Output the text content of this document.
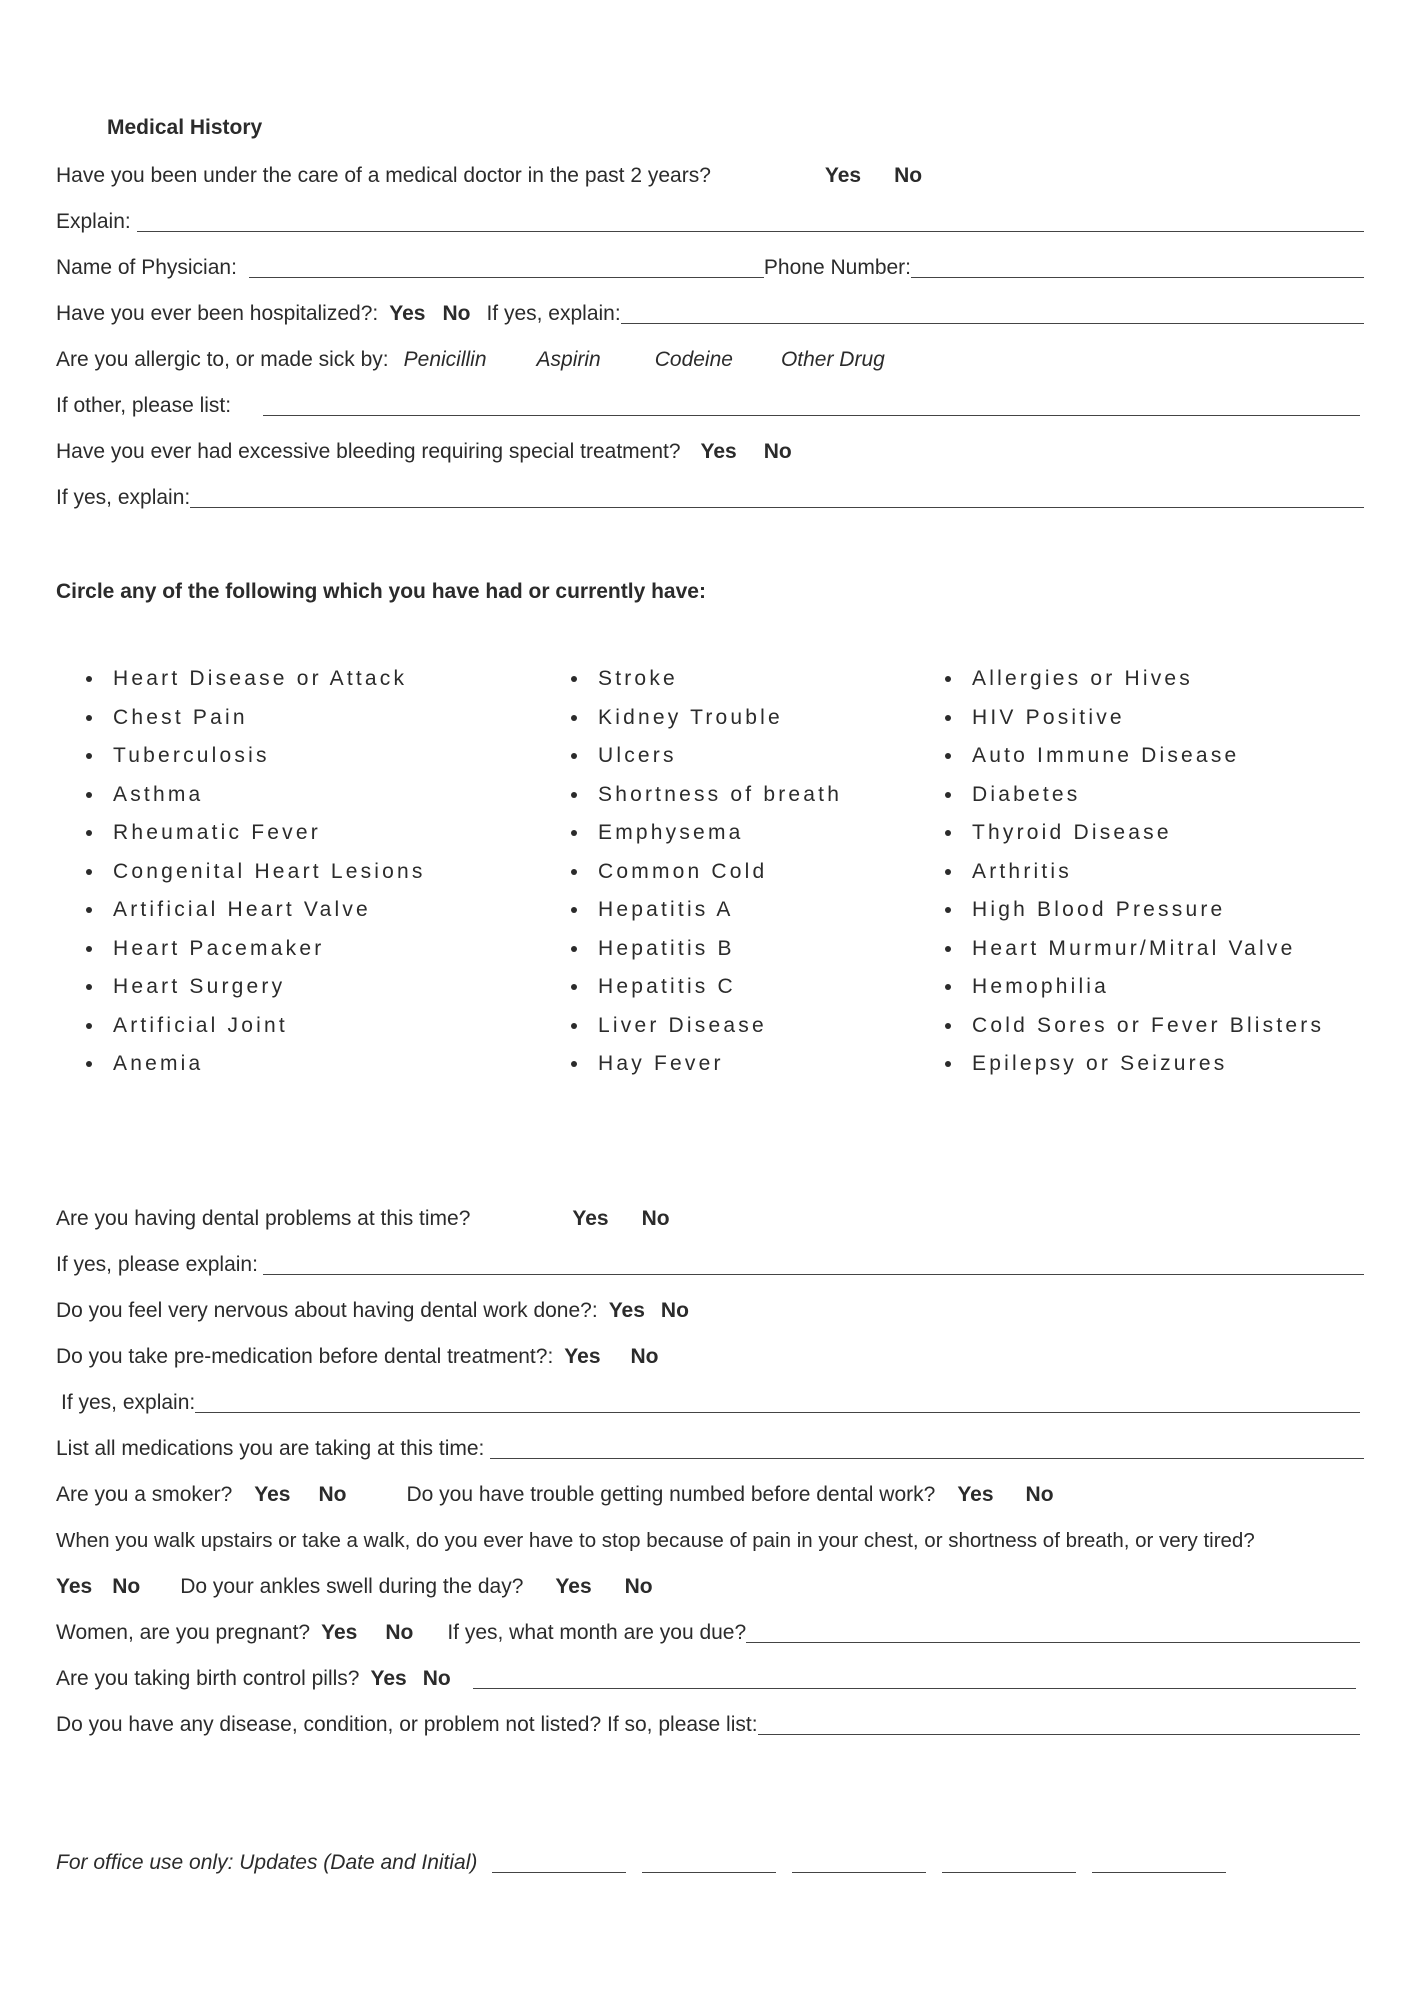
Medical History
Have you been under the care of a medical doctor in the past 2 years?	Yes No
Explain:
Name of Physician:	Phone Number:
Have you ever been hospitalized?: Yes No If yes, explain:
Are you allergic to, or made sick by: Penicillin Aspirin	Codeine Other Drug
If other, please list:
Have you ever had excessive bleeding requiring special treatment? Yes No
If yes, explain:
Circle any of the following which you have had or currently have:
Heart Disease or Attack
Chest Pain
Tuberculosis
Asthma
Rheumatic Fever
Congenital Heart Lesions
Artificial Heart Valve
Heart Pacemaker
Heart Surgery
Artificial Joint
Anemia
Stroke
Kidney Trouble
Ulcers
Shortness of breath
Emphysema
Common Cold
Hepatitis A
Hepatitis B
Hepatitis C
Liver Disease
Hay Fever
Allergies or Hives
HIV Positive
Auto Immune Disease
Diabetes
Thyroid Disease
Arthritis
High Blood Pressure
Heart Murmur/Mitral Valve
Hemophilia
Cold Sores or Fever Blisters
Epilepsy or Seizures
Are you having dental problems at this time?	Yes No
If yes, please explain:
Do you feel very nervous about having dental work done?: Yes No
Do you take pre-medication before dental treatment?: Yes No
If yes, explain:
List all medications you are taking at this time:
Are you a smoker? Yes No	Do you have trouble getting numbed before dental work? Yes No
When you walk upstairs or take a walk, do you ever have to stop because of pain in your chest, or shortness of breath, or very tired?
Yes No Do your ankles swell during the day? Yes No
Women, are you pregnant? Yes No If yes, what month are you due?
Are you taking birth control pills? Yes No
Do you have any disease, condition, or problem not listed? If so, please list:
For office use only: Updates (Date and Initial)
